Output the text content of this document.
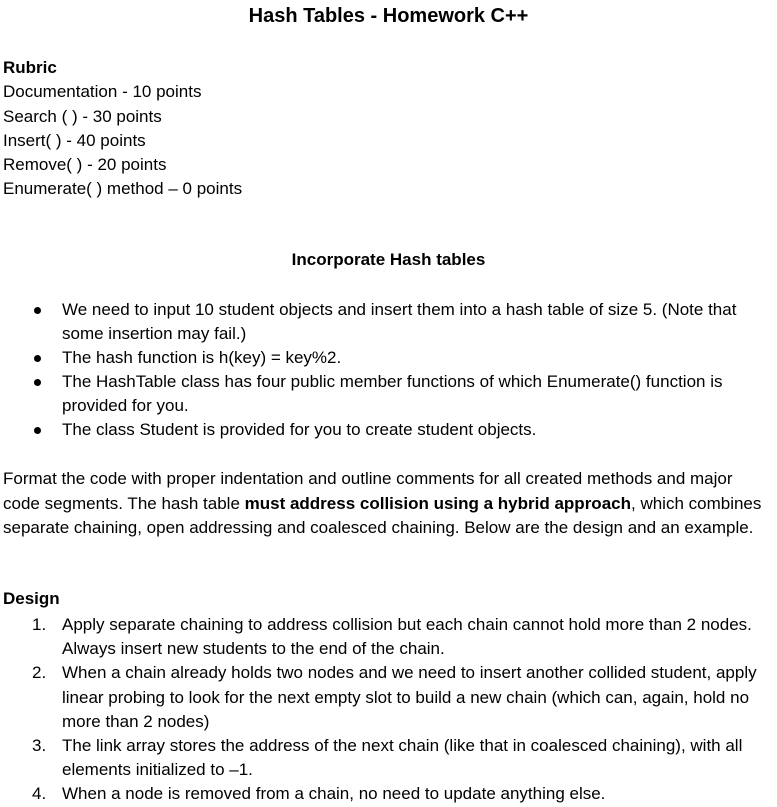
Hash Tables - Homework C++
Rubric
Documentation - 10 points
Search ( ) - 30 points
Insert( ) - 40 points
Remove( ) - 20 points
Enumerate( ) method – 0 points
Incorporate Hash tables
We need to input 10 student objects and insert them into a hash table of size 5. (Note that some insertion may fail.)
The hash function is h(key) = key%2.
The HashTable class has four public member functions of which Enumerate() function is provided for you.
The class Student is provided for you to create student objects.
Format the code with proper indentation and outline comments for all created methods and major code segments. The hash table must address collision using a hybrid approach, which combines separate chaining, open addressing and coalesced chaining. Below are the design and an example.
Design
1. Apply separate chaining to address collision but each chain cannot hold more than 2 nodes. Always insert new students to the end of the chain.
2. When a chain already holds two nodes and we need to insert another collided student, apply linear probing to look for the next empty slot to build a new chain (which can, again, hold no more than 2 nodes)
3. The link array stores the address of the next chain (like that in coalesced chaining), with all elements initialized to –1.
4. When a node is removed from a chain, no need to update anything else.
